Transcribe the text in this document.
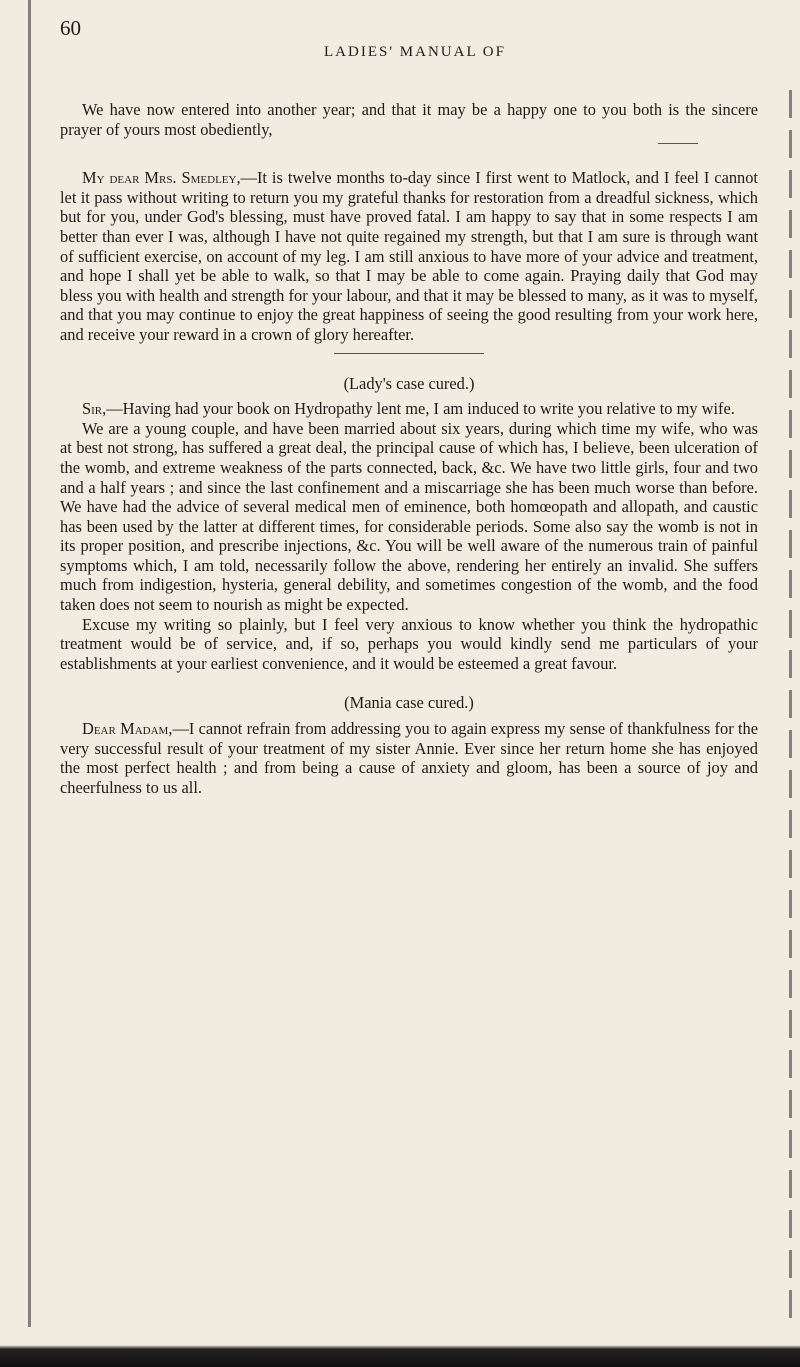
60
LADIES' MANUAL OF

We have now entered into another year; and that it may be a happy one to you both is the sincere prayer of yours most obediently,

My dear Mrs. Smedley,—It is twelve months to-day since I first went to Matlock, and I feel I cannot let it pass without writing to return you my grateful thanks for restoration from a dreadful sickness, which but for you, under God's blessing, must have proved fatal. I am happy to say that in some respects I am better than ever I was, although I have not quite regained my strength, but that I am sure is through want of sufficient exercise, on account of my leg. I am still anxious to have more of your advice and treatment, and hope I shall yet be able to walk, so that I may be able to come again. Praying daily that God may bless you with health and strength for your labour, and that it may be blessed to many, as it was to myself, and that you may continue to enjoy the great happiness of seeing the good resulting from your work here, and receive your reward in a crown of glory hereafter.

(Lady's case cured.)

Sir,—Having had your book on Hydropathy lent me, I am induced to write you relative to my wife.

We are a young couple, and have been married about six years, during which time my wife, who was at best not strong, has suffered a great deal, the principal cause of which has, I believe, been ulceration of the womb, and extreme weakness of the parts connected, back, &c. We have two little girls, four and two and a half years ; and since the last confinement and a miscarriage she has been much worse than before. We have had the advice of several medical men of eminence, both homœopath and allopath, and caustic has been used by the latter at different times, for considerable periods. Some also say the womb is not in its proper position, and prescribe injections, &c. You will be well aware of the numerous train of painful symptoms which, I am told, necessarily follow the above, rendering her entirely an invalid. She suffers much from indigestion, hysteria, general debility, and sometimes congestion of the womb, and the food taken does not seem to nourish as might be expected.

Excuse my writing so plainly, but I feel very anxious to know whether you think the hydropathic treatment would be of service, and, if so, perhaps you would kindly send me particulars of your establishments at your earliest convenience, and it would be esteemed a great favour.

(Mania case cured.)

Dear Madam,—I cannot refrain from addressing you to again express my sense of thankfulness for the very successful result of your treatment of my sister Annie. Ever since her return home she has enjoyed the most perfect health ; and from being a cause of anxiety and gloom, has been a source of joy and cheerfulness to us all.
